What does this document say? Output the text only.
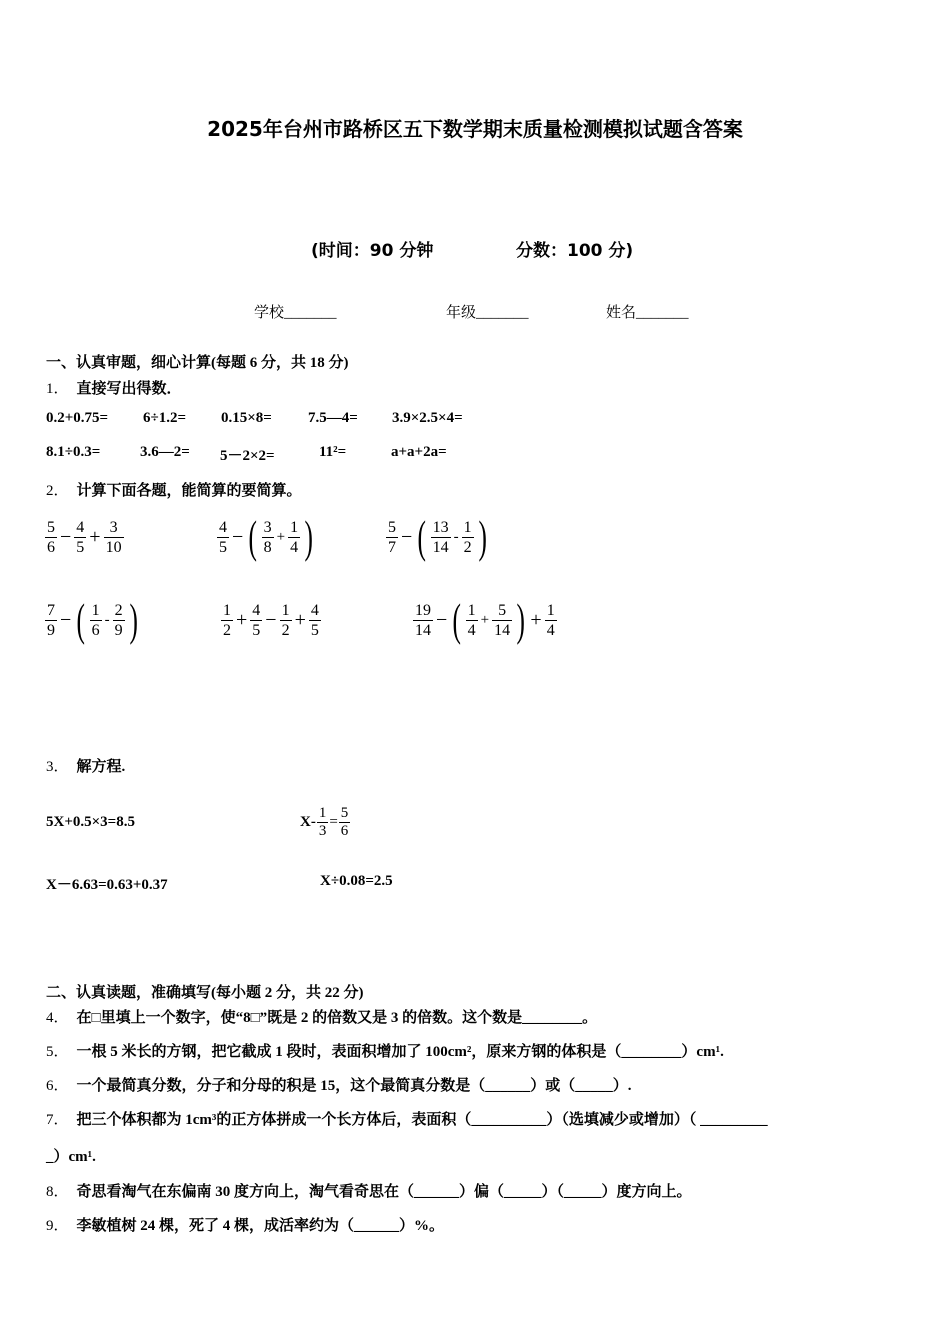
2025年台州市路桥区五下数学期末质量检测模拟试题含答案
(时间：90 分钟	分数：100 分)
学校_______	年级_______	姓名_______
一、认真审题，细心计算(每题 6 分，共 18 分)
1． 直接写出得数．
0.2+0.75= 6÷1.2= 0.15×8= 7.5—4= 3.9×2.5×4=
8.1÷0.3=	3.6—2= 5－2×2=	11²=	a+a+2a=
2． 计算下面各题，能简算的要简算。
$\frac{5}{6} - \frac{4}{5} + \frac{3}{10}$	$\frac{4}{5}$ − ( $\frac{3}{8} + \frac{1}{4}$ )	$\frac{5}{7}$ − ( $\frac{13}{14} - \frac{1}{2}$ )
$\frac{7}{9}$ − ( $\frac{1}{6} - \frac{2}{9}$ )	$\frac{1}{2} + \frac{4}{5} - \frac{1}{2} + \frac{4}{5}$	$\frac{19}{14}$ − ( $\frac{1}{4} + \frac{5}{14}$ ) + $\frac{1}{4}$
3． 解方程.
5X+0.5×3=8.5	$X- \frac{1}{3} = \frac{5}{6}$
X－6.63=0.63+0.37	X÷0.08=2.5
二、认真读题，准确填写(每小题 2 分，共 22 分)
4． 在□里填上一个数字，使“8□”既是 2 的倍数又是 3 的倍数。这个数是________。
5． 一根 5 米长的方钢，把它截成 1 段时，表面积增加了 100cm²，原来方钢的体积是（________）cm¹.
6． 一个最简真分数，分子和分母的积是 15，这个最简真分数是（______）或（_____）.
7． 把三个体积都为 1cm³的正方体拼成一个长方体后，表面积（__________）（选填减少或增加）（ _________
_）cm¹.
8． 奇思看淘气在东偏南 30 度方向上，淘气看奇思在（______）偏（_____）（_____）度方向上。
9． 李敏植树 24 棵，死了 4 棵，成活率约为（______）%。
